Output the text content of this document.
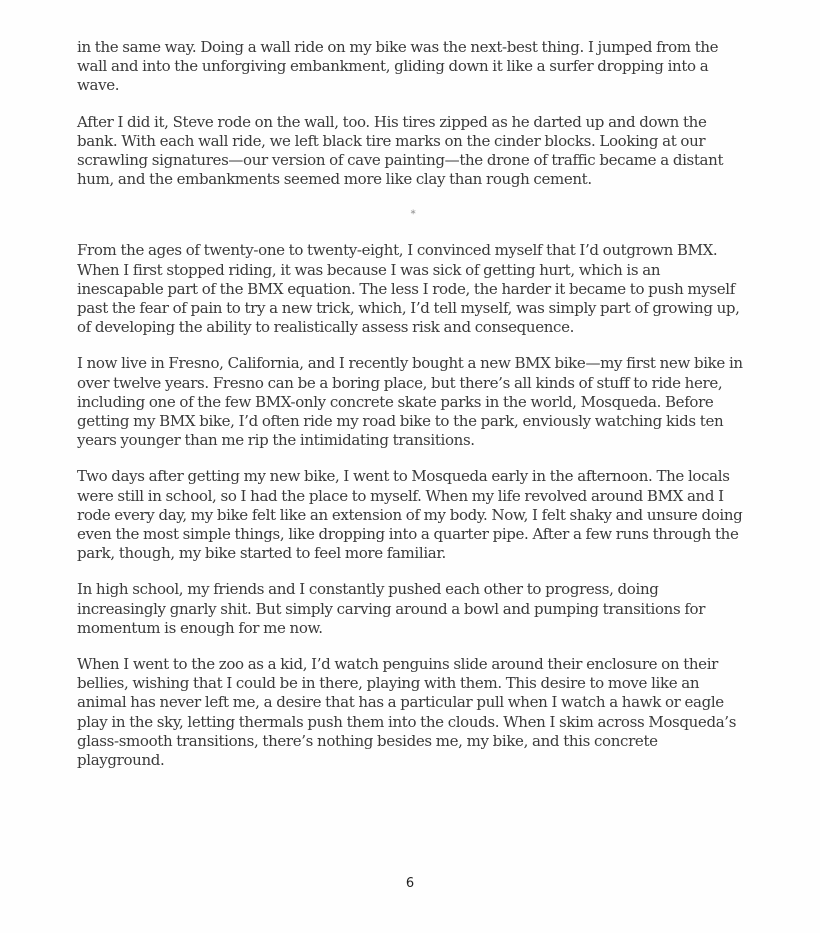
in the same way. Doing a wall ride on my bike was the next-best thing. I jumped from the wall and into the unforgiving embankment, gliding down it like a surfer dropping into a wave.

After I did it, Steve rode on the wall, too. His tires zipped as he darted up and down the bank. With each wall ride, we left black tire marks on the cinder blocks. Looking at our scrawling signatures—our version of cave painting—the drone of traffic became a distant hum, and the embankments seemed more like clay than rough cement.

*

From the ages of twenty-one to twenty-eight, I convinced myself that I’d outgrown BMX. When I first stopped riding, it was because I was sick of getting hurt, which is an inescapable part of the BMX equation. The less I rode, the harder it became to push myself past the fear of pain to try a new trick, which, I’d tell myself, was simply part of growing up, of developing the ability to realistically assess risk and consequence.

I now live in Fresno, California, and I recently bought a new BMX bike—my first new bike in over twelve years. Fresno can be a boring place, but there’s all kinds of stuff to ride here, including one of the few BMX-only concrete skate parks in the world, Mosqueda. Before getting my BMX bike, I’d often ride my road bike to the park, enviously watching kids ten years younger than me rip the intimidating transitions.

Two days after getting my new bike, I went to Mosqueda early in the afternoon. The locals were still in school, so I had the place to myself. When my life revolved around BMX and I rode every day, my bike felt like an extension of my body. Now, I felt shaky and unsure doing even the most simple things, like dropping into a quarter pipe. After a few runs through the park, though, my bike started to feel more familiar.

In high school, my friends and I constantly pushed each other to progress, doing increasingly gnarly shit. But simply carving around a bowl and pumping transitions for momentum is enough for me now.

When I went to the zoo as a kid, I’d watch penguins slide around their enclosure on their bellies, wishing that I could be in there, playing with them. This desire to move like an animal has never left me, a desire that has a particular pull when I watch a hawk or eagle play in the sky, letting thermals push them into the clouds. When I skim across Mosqueda’s glass-smooth transitions, there’s nothing besides me, my bike, and this concrete playground.

6
